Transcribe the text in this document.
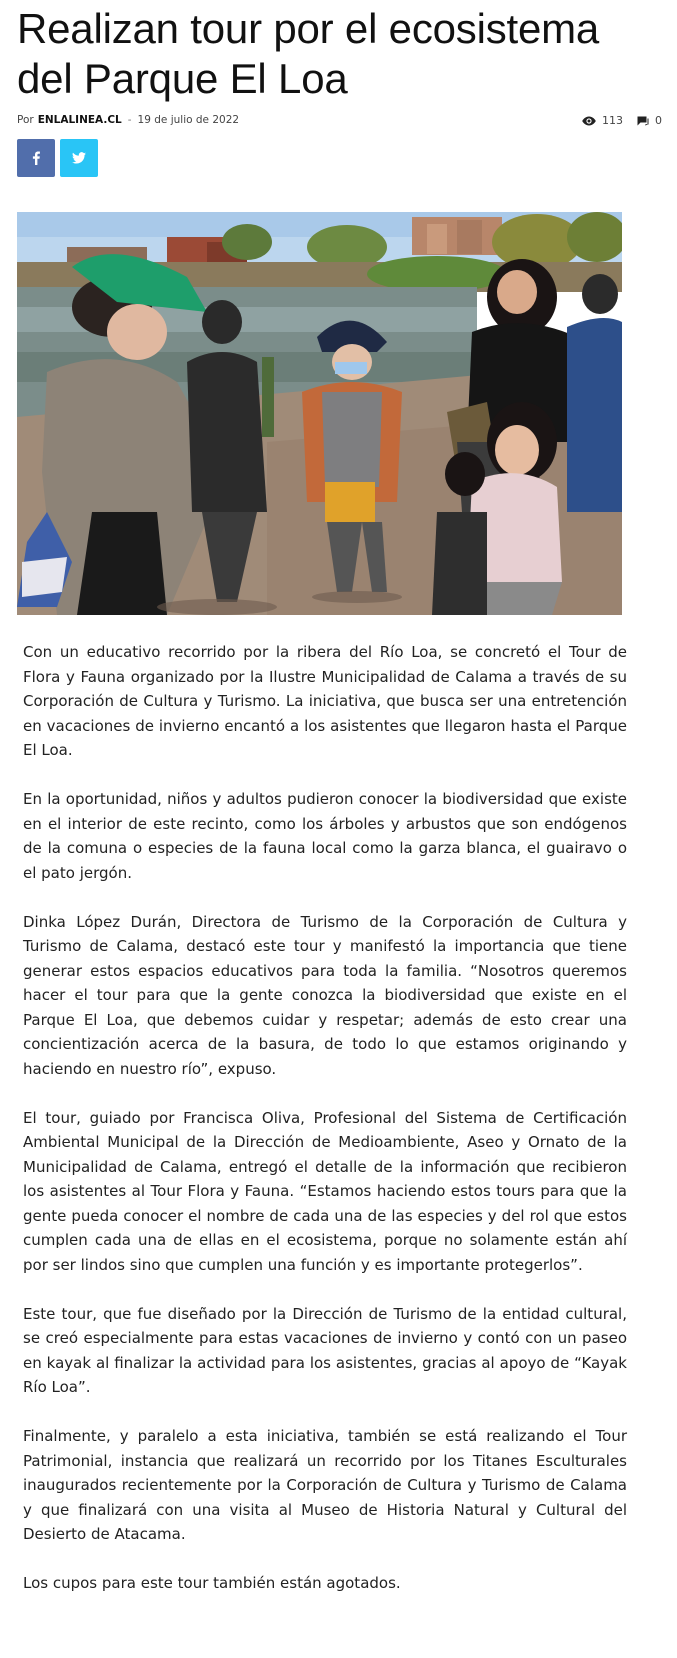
Realizan tour por el ecosistema del Parque El Loa
Por ENLALINEA.CL - 19 de julio de 2022	113	0

Con un educativo recorrido por la ribera del Río Loa, se concretó el Tour de Flora y Fauna organizado por la Ilustre Municipalidad de Calama a través de su Corporación de Cultura y Turismo. La iniciativa, que busca ser una entretención en vacaciones de invierno encantó a los asistentes que llegaron hasta el Parque El Loa.

En la oportunidad, niños y adultos pudieron conocer la biodiversidad que existe en el interior de este recinto, como los árboles y arbustos que son endógenos de la comuna o especies de la fauna local como la garza blanca, el guairavo o el pato jergón.

Dinka López Durán, Directora de Turismo de la Corporación de Cultura y Turismo de Calama, destacó este tour y manifestó la importancia que tiene generar estos espacios educativos para toda la familia. “Nosotros queremos hacer el tour para que la gente conozca la biodiversidad que existe en el Parque El Loa, que debemos cuidar y respetar; además de esto crear una concientización acerca de la basura, de todo lo que estamos originando y haciendo en nuestro río”, expuso.

El tour, guiado por Francisca Oliva, Profesional del Sistema de Certificación Ambiental Municipal de la Dirección de Medioambiente, Aseo y Ornato de la Municipalidad de Calama, entregó el detalle de la información que recibieron los asistentes al Tour Flora y Fauna. “Estamos haciendo estos tours para que la gente pueda conocer el nombre de cada una de las especies y del rol que estos cumplen cada una de ellas en el ecosistema, porque no solamente están ahí por ser lindos sino que cumplen una función y es importante protegerlos”.

Este tour, que fue diseñado por la Dirección de Turismo de la entidad cultural, se creó especialmente para estas vacaciones de invierno y contó con un paseo en kayak al finalizar la actividad para los asistentes, gracias al apoyo de “Kayak Río Loa”.

Finalmente, y paralelo a esta iniciativa, también se está realizando el Tour Patrimonial, instancia que realizará un recorrido por los Titanes Esculturales inaugurados recientemente por la Corporación de Cultura y Turismo de Calama y que finalizará con una visita al Museo de Historia Natural y Cultural del Desierto de Atacama.

Los cupos para este tour también están agotados.
